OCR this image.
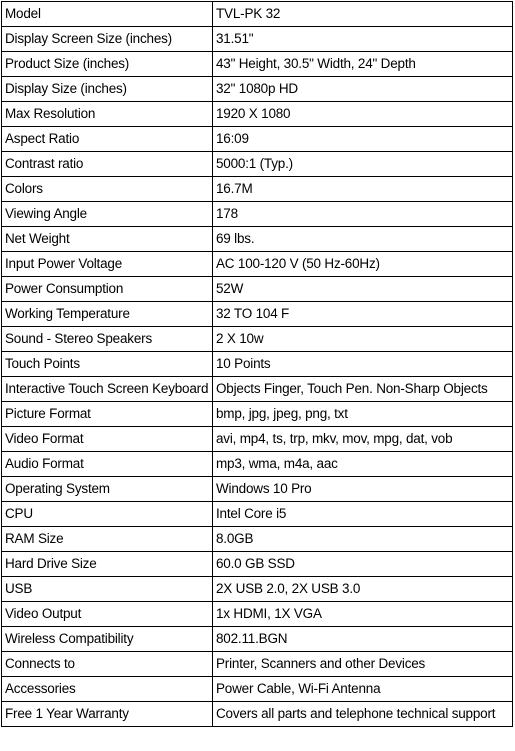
Model	TVL-PK 32
Display Screen Size (inches)	31.51"
Product Size (inches)	43" Height, 30.5" Width, 24" Depth
Display Size (inches)	32" 1080p HD
Max Resolution	1920 X 1080
Aspect Ratio	16:09
Contrast ratio	5000:1 (Typ.)
Colors	16.7M
Viewing Angle	178
Net Weight	69 lbs.
Input Power Voltage	AC 100-120 V (50 Hz-60Hz)
Power Consumption	52W
Working Temperature	32 TO 104 F
Sound - Stereo Speakers	2 X 10w
Touch Points	10 Points
Interactive Touch Screen Keyboard	Objects Finger, Touch Pen. Non-Sharp Objects
Picture Format	bmp, jpg, jpeg, png, txt
Video Format	avi, mp4, ts, trp, mkv, mov, mpg, dat, vob
Audio Format	mp3, wma, m4a, aac
Operating System	Windows 10 Pro
CPU	Intel Core i5
RAM Size	8.0GB
Hard Drive Size	60.0 GB SSD
USB	2X USB 2.0, 2X USB 3.0
Video Output	1x HDMI, 1X VGA
Wireless Compatibility	802.11.BGN
Connects to	Printer, Scanners and other Devices
Accessories	Power Cable, Wi-Fi Antenna
Free 1 Year Warranty	Covers all parts and telephone technical support
